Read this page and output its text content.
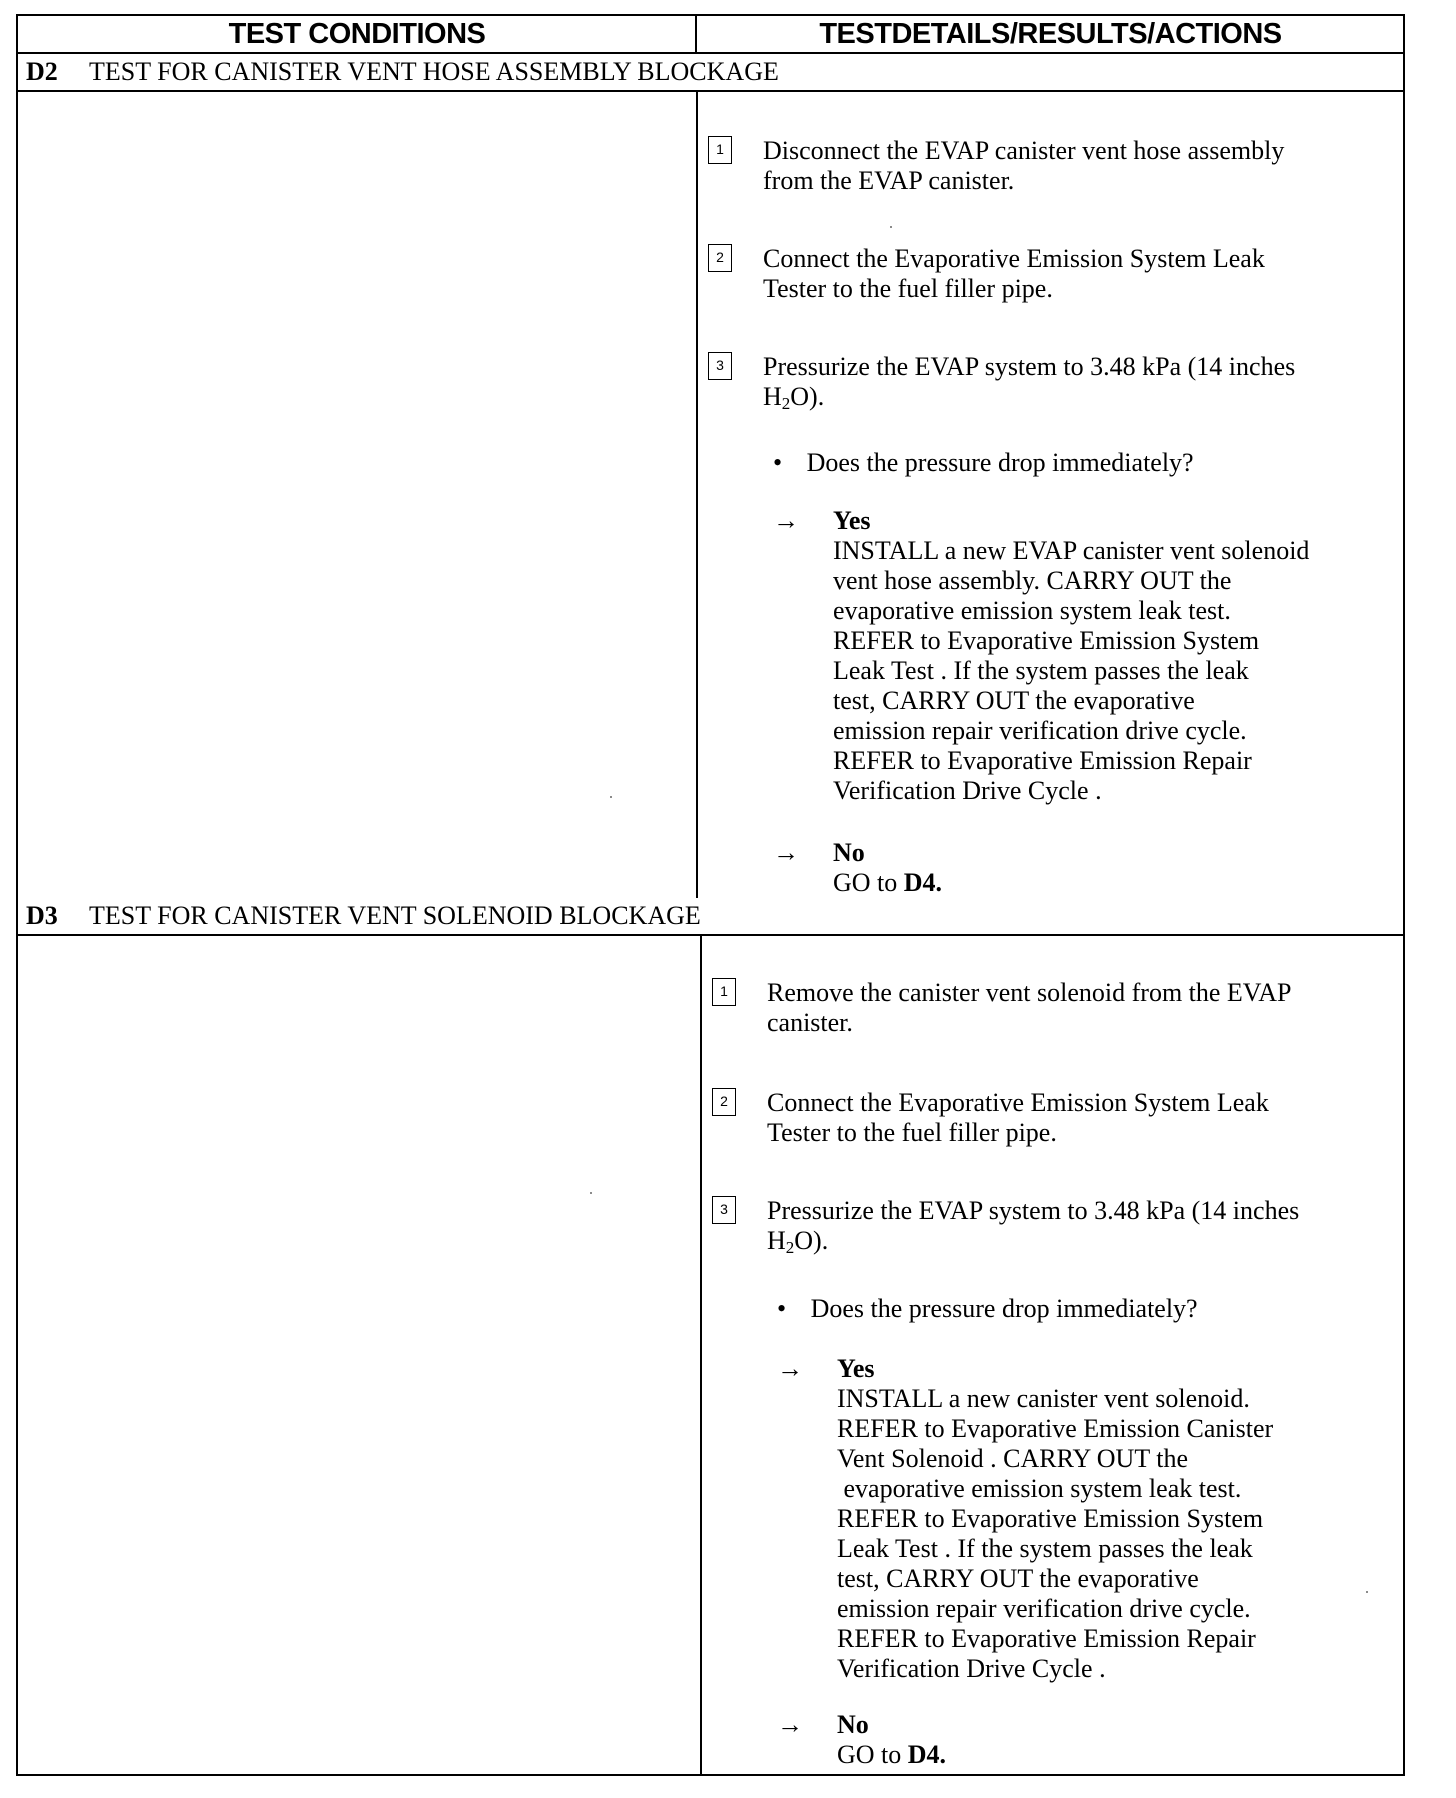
TEST CONDITIONS	TESTDETAILS/RESULTS/ACTIONS
D2 TEST FOR CANISTER VENT HOSE ASSEMBLY BLOCKAGE
1	Disconnect the EVAP canister vent hose assembly
from the EVAP canister.
2	Connect the Evaporative Emission System Leak
Tester to the fuel filler pipe.
3	Pressurize the EVAP system to 3.48 kPa (14 inches
$H_2O$).
• Does the pressure drop immediately?
→ Yes
INSTALL a new EVAP canister vent solenoid
vent hose assembly. CARRY OUT the
evaporative emission system leak test.
REFER to Evaporative Emission System
Leak Test . If the system passes the leak
test, CARRY OUT the evaporative
emission repair verification drive cycle.
REFER to Evaporative Emission Repair
Verification Drive Cycle .
→ No
GO to D4.
D3 TEST FOR CANISTER VENT SOLENOID BLOCKAGE
1	Remove the canister vent solenoid from the EVAP
canister.
2	Connect the Evaporative Emission System Leak
Tester to the fuel filler pipe.
3	Pressurize the EVAP system to 3.48 kPa (14 inches
$H_2O$).
• Does the pressure drop immediately?
→ Yes
INSTALL a new canister vent solenoid.
REFER to Evaporative Emission Canister
Vent Solenoid . CARRY OUT the
evaporative emission system leak test.
REFER to Evaporative Emission System
Leak Test . If the system passes the leak
test, CARRY OUT the evaporative
emission repair verification drive cycle.
REFER to Evaporative Emission Repair
Verification Drive Cycle .
→ No
GO to D4.
